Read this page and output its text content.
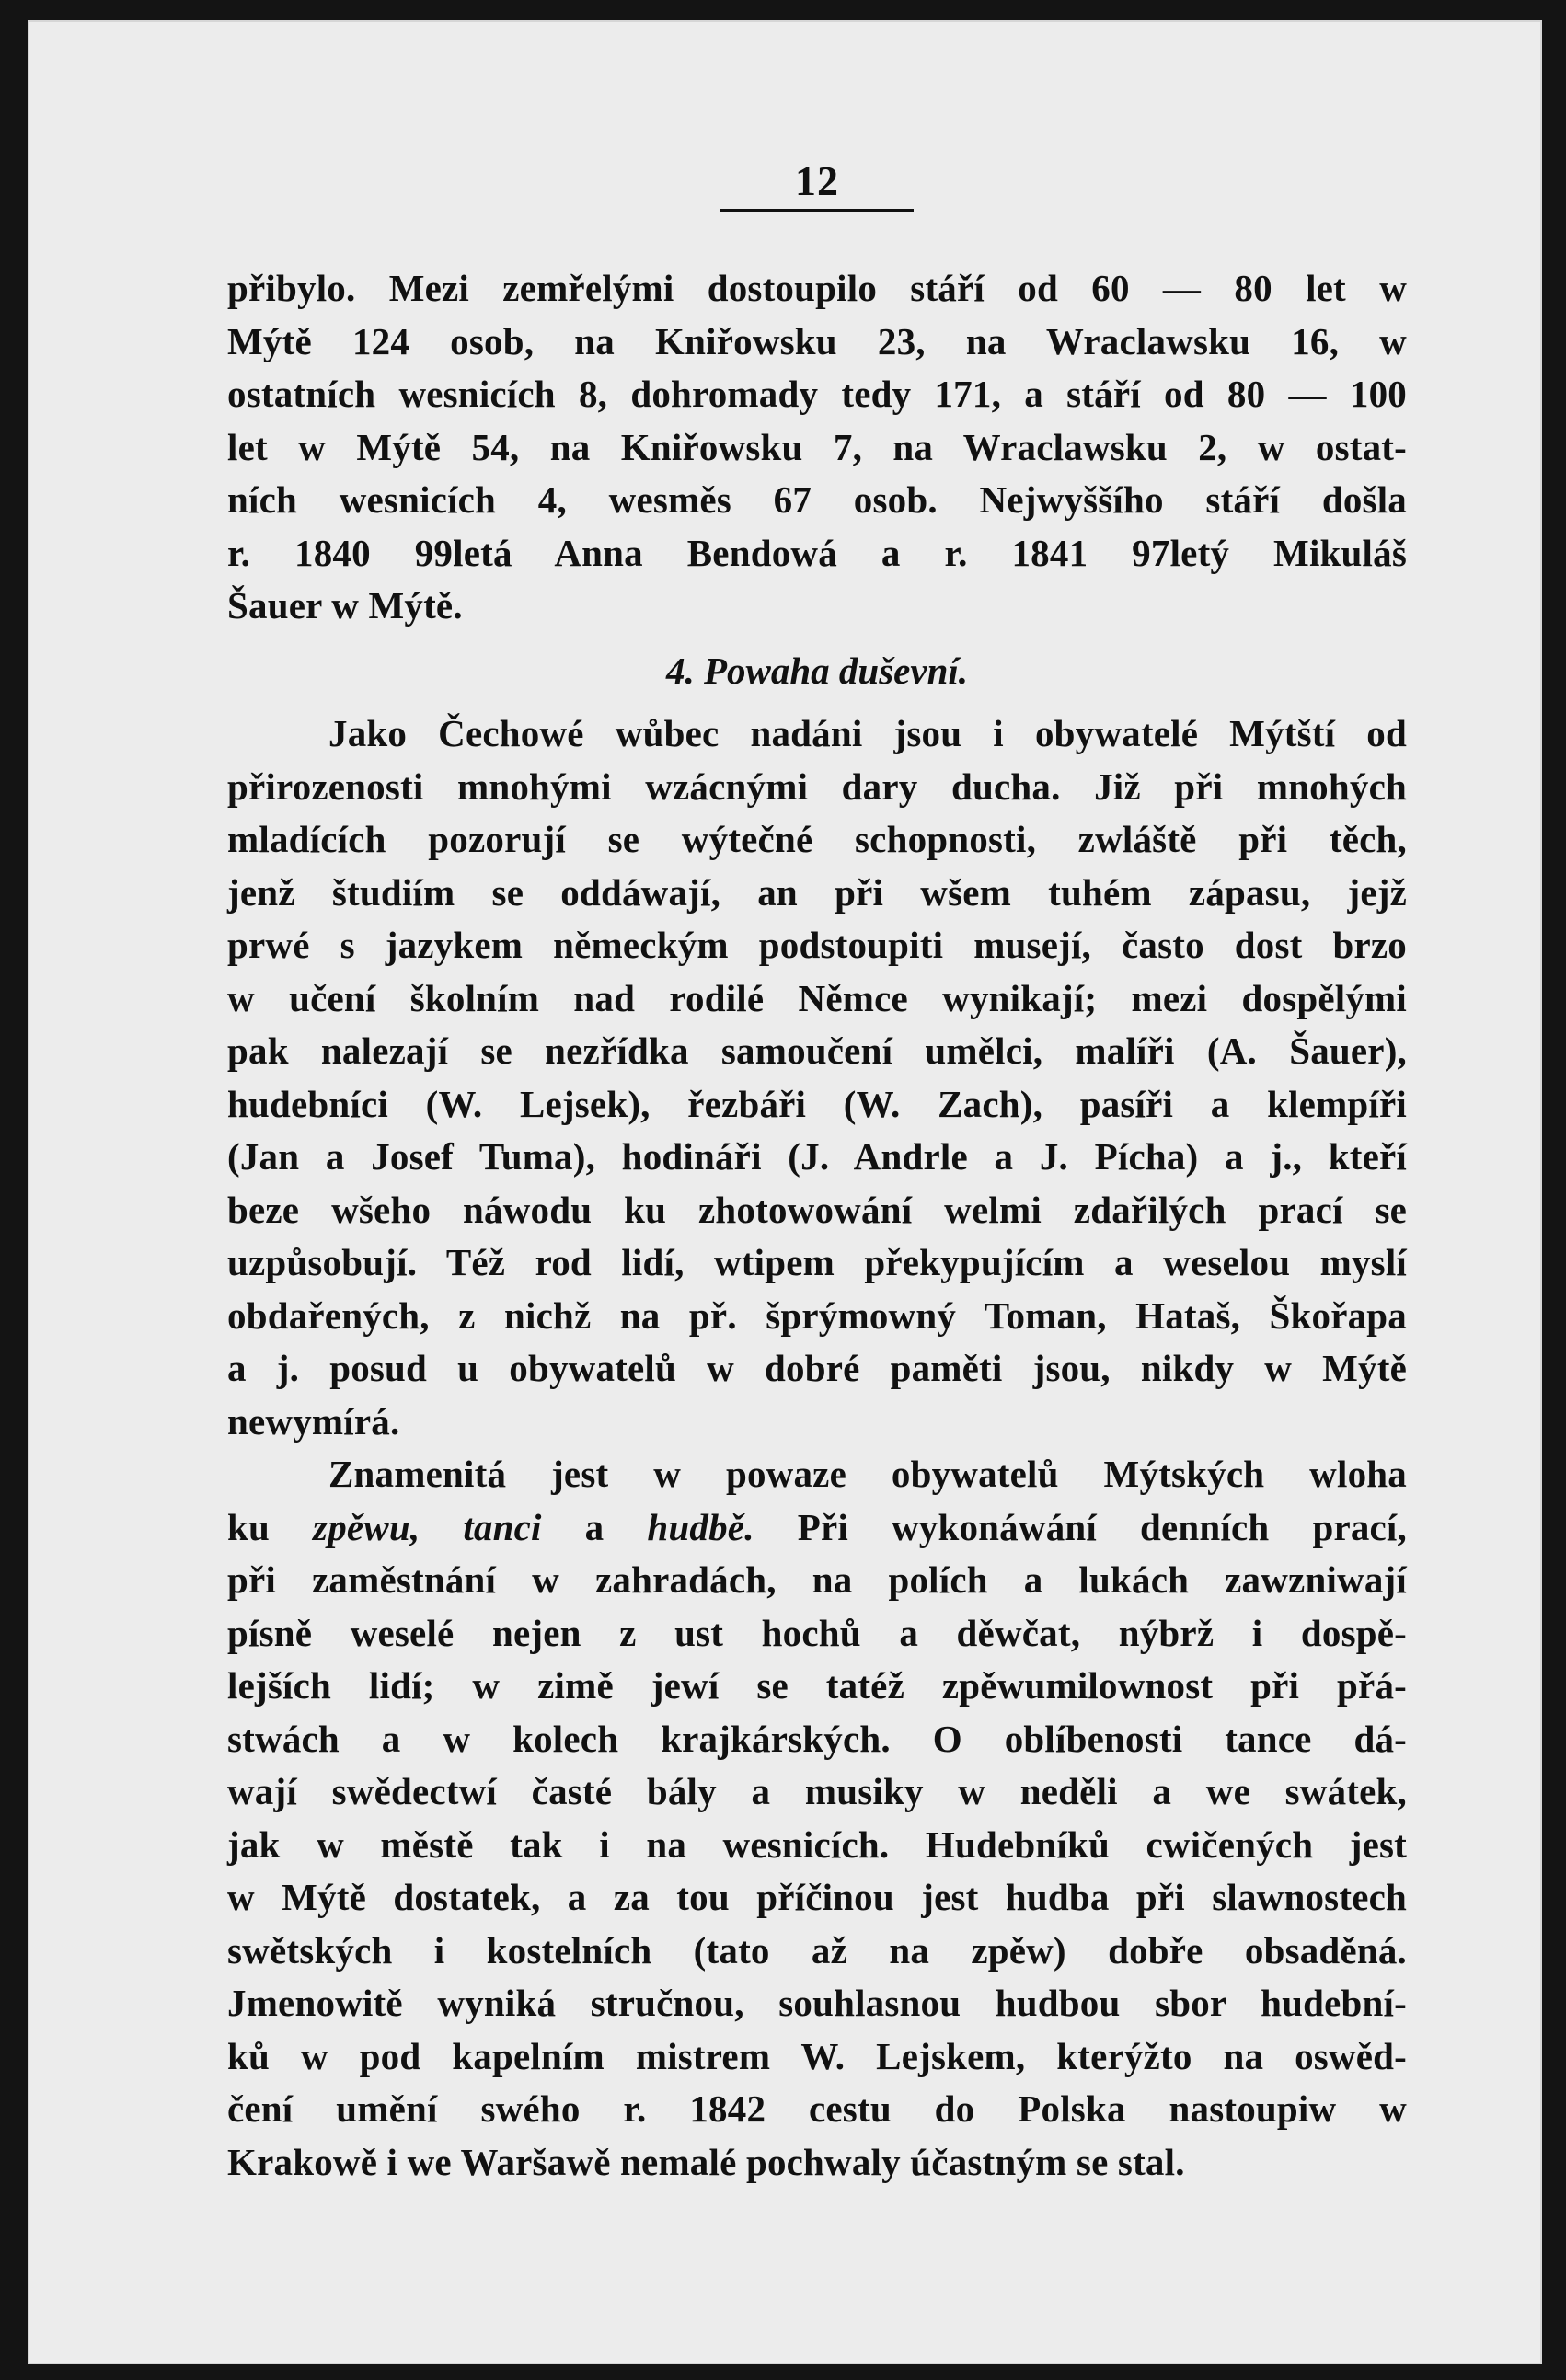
12
přibylo. Mezi zemřelými dostoupilo stáří od 60 — 80 let w
Mýtě 124 osob, na Kniřowsku 23, na Wraclawsku 16, w
ostatních wesnicích 8, dohromady tedy 171, a stáří od 80 — 100
let w Mýtě 54, na Kniřowsku 7, na Wraclawsku 2, w ostat-
ních wesnicích 4, wesměs 67 osob. Nejwyššího stáří došla
r. 1840 99letá Anna Bendowá a r. 1841 97letý Mikuláš
Šauer w Mýtě.
4. Powaha duševní.
Jako Čechowé wůbec nadáni jsou i obywatelé Mýtští od
přirozenosti mnohými wzácnými dary ducha. Již při mnohých
mladících pozorují se wýtečné schopnosti, zwláště při těch,
jenž študiím se oddáwají, an při wšem tuhém zápasu, jejž
prwé s jazykem německým podstoupiti musejí, často dost brzo
w učení školním nad rodilé Němce wynikají; mezi dospělými
pak nalezají se nezřídka samoučení umělci, malíři (A. Šauer),
hudebníci (W. Lejsek), řezbáři (W. Zach), pasíři a klempíři
(Jan a Josef Tuma), hodináři (J. Andrle a J. Pícha) a j., kteří
beze wšeho náwodu ku zhotowowání welmi zdařilých prací se
uzpůsobují. Též rod lidí, wtipem překypujícím a weselou myslí
obdařených, z nichž na př. šprýmowný Toman, Hataš, Škořapa
a j. posud u obywatelů w dobré paměti jsou, nikdy w Mýtě
newymírá.
Znamenitá jest w powaze obywatelů Mýtských wloha
ku zpěwu, tanci a hudbě. Při wykonáwání denních prací,
při zaměstnání w zahradách, na polích a lukách zawzniwají
písně weselé nejen z ust hochů a děwčat, nýbrž i dospě-
lejších lidí; w zimě jewí se tatéž zpěwumilownost při přá-
stwách a w kolech krajkárských. O oblíbenosti tance dá-
wají swědectwí časté bály a musiky w neděli a we swátek,
jak w městě tak i na wesnicích. Hudebníků cwičených jest
w Mýtě dostatek, a za tou příčinou jest hudba při slawnostech
swětských i kostelních (tato až na zpěw) dobře obsaděná.
Jmenowitě wyniká stručnou, souhlasnou hudbou sbor hudební-
ků w pod kapelním mistrem W. Lejskem, kterýžto na oswěd-
čení umění swého r. 1842 cestu do Polska nastoupiw w
Krakowě i we Waršawě nemalé pochwaly účastným se stal.
